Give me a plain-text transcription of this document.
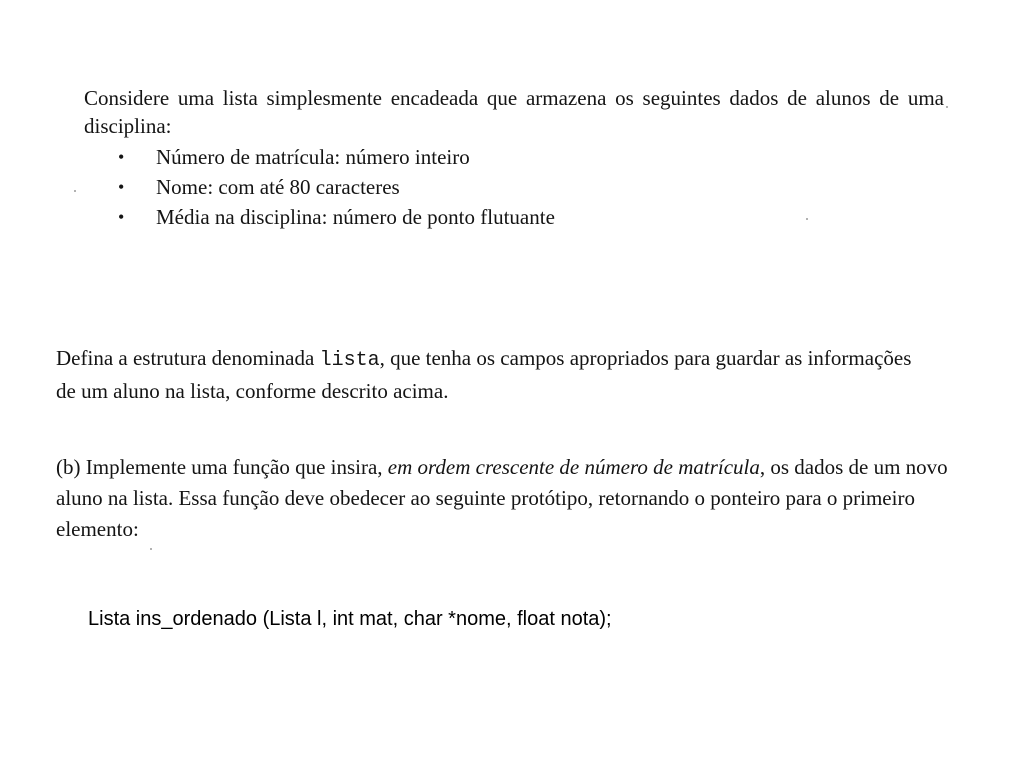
Considere uma lista simplesmente encadeada que armazena os seguintes dados de alunos de uma disciplina:

• Número de matrícula: número inteiro
• Nome: com até 80 caracteres
• Média na disciplina: número de ponto flutuante

Defina a estrutura denominada lista, que tenha os campos apropriados para guardar as informações de um aluno na lista, conforme descrito acima.

(b) Implemente uma função que insira, em ordem crescente de número de matrícula, os dados de um novo aluno na lista. Essa função deve obedecer ao seguinte protótipo, retornando o ponteiro para o primeiro elemento:

Lista ins_ordenado (Lista l, int mat, char *nome, float nota);
